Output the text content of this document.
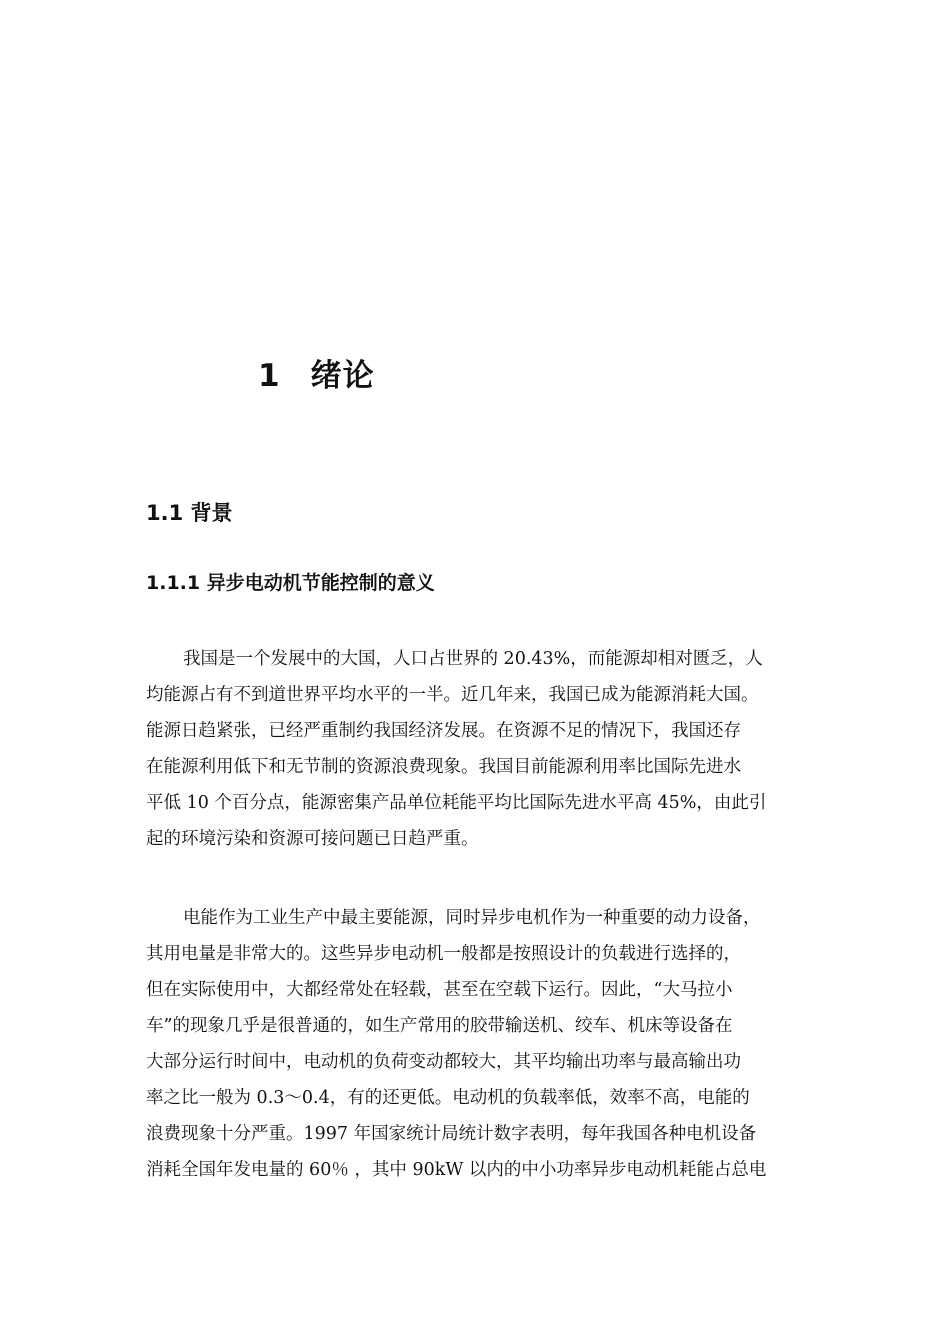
1 绪论
1.1 背景
1.1.1 异步电动机节能控制的意义
我国是一个发展中的大国，人口占世界的 20.43%，而能源却相对匮乏，人
均能源占有不到道世界平均水平的一半。近几年来，我国已成为能源消耗大国。
能源日趋紧张，已经严重制约我国经济发展。在资源不足的情况下，我国还存
在能源利用低下和无节制的资源浪费现象。我国目前能源利用率比国际先进水
平低 10 个百分点，能源密集产品单位耗能平均比国际先进水平高 45%，由此引
起的环境污染和资源可接问题已日趋严重。
电能作为工业生产中最主要能源，同时异步电机作为一种重要的动力设备，
其用电量是非常大的。这些异步电动机一般都是按照设计的负载进行选择的，
但在实际使用中，大都经常处在轻载，甚至在空载下运行。因此，“大马拉小
车”的现象几乎是很普通的，如生产常用的胶带输送机、绞车、机床等设备在
大部分运行时间中，电动机的负荷变动都较大，其平均输出功率与最高输出功
率之比一般为 0.3～0.4，有的还更低。电动机的负载率低，效率不高，电能的
浪费现象十分严重。1997 年国家统计局统计数字表明，每年我国各种电机设备
消耗全国年发电量的 60％ ，其中 90kW 以内的中小功率异步电动机耗能占总电
